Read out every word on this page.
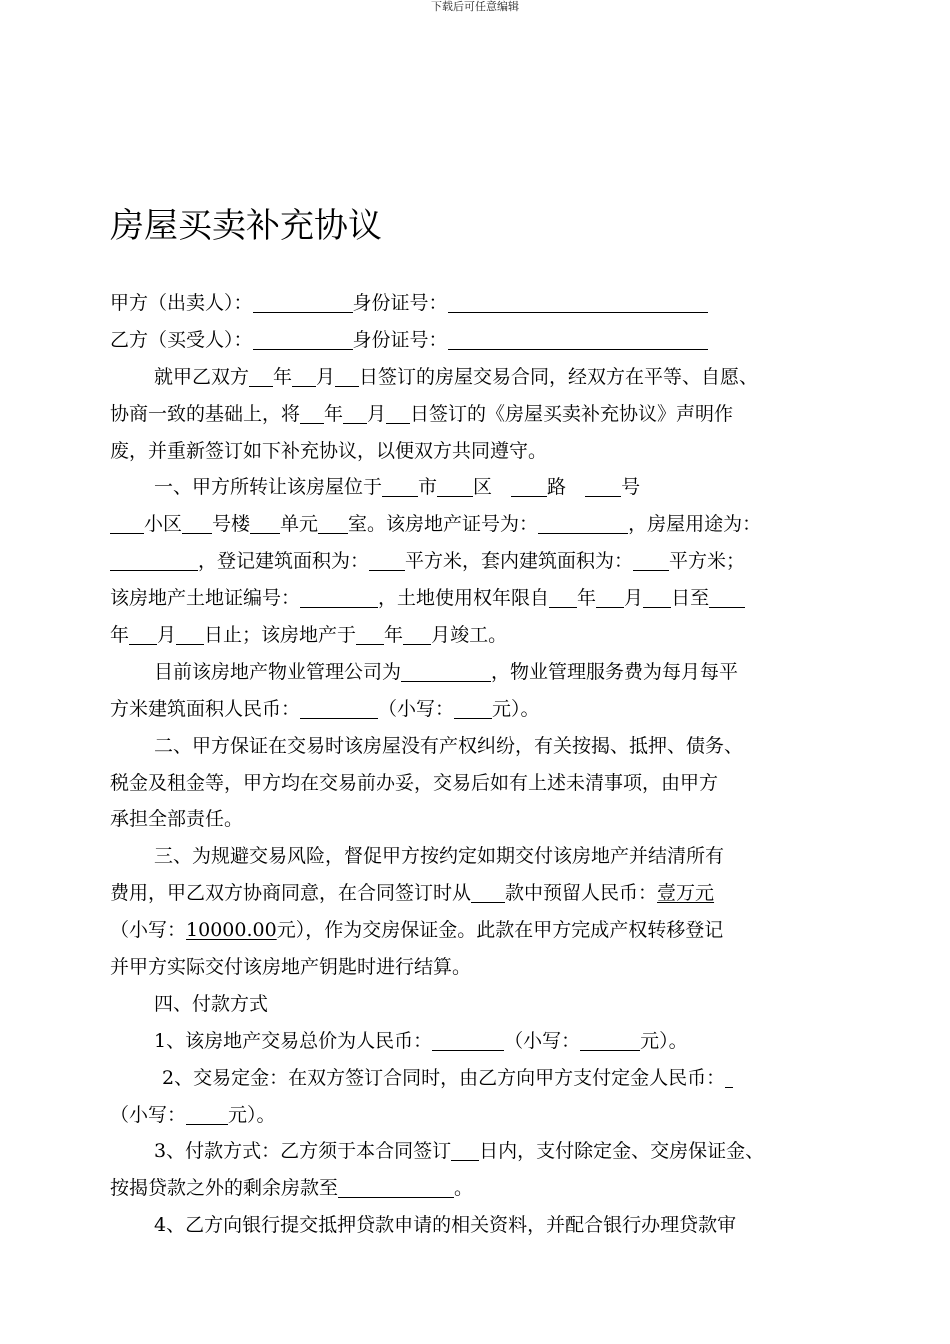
下载后可任意编辑
房屋买卖补充协议
甲方（出卖人）：	身份证号：
乙方（买受人）：	身份证号：
就甲乙双方 年 月 日签订的房屋交易合同，经双方在平等、自愿、
协商一致的基础上，将 年 月 日签订的《房屋买卖补充协议》声明作
废，并重新签订如下补充协议，以便双方共同遵守。
一、甲方所转让该房屋位于 市 区　路　号
小区 号楼 单元 室。该房地产证号为：	，房屋用途为：
，登记建筑面积为： 平方米，套内建筑面积为： 平方米；
该房地产土地证编号：	，土地使用权年限自 年 月 日至
年 月 日止；该房地产于 年 月竣工。
目前该房地产物业管理公司为	，物业管理服务费为每月每平
方米建筑面积人民币：	（小写： 元）。
二、甲方保证在交易时该房屋没有产权纠纷，有关按揭、抵押、债务、
税金及租金等，甲方均在交易前办妥，交易后如有上述未清事项，由甲方
承担全部责任。
三、为规避交易风险，督促甲方按约定如期交付该房地产并结清所有
费用，甲乙双方协商同意，在合同签订时从 款中预留人民币：壹万元
（小写：10000.00元），作为交房保证金。此款在甲方完成产权转移登记
并甲方实际交付该房地产钥匙时进行结算。
四、付款方式
1、该房地产交易总价为人民币：	（小写：	元）。
2、交易定金：在双方签订合同时，由乙方向甲方支付定金人民币：
（小写： 元）。
3、付款方式：乙方须于本合同签订 日内，支付除定金、交房保证金、
按揭贷款之外的剩余房款至	。
4、乙方向银行提交抵押贷款申请的相关资料，并配合银行办理贷款审
